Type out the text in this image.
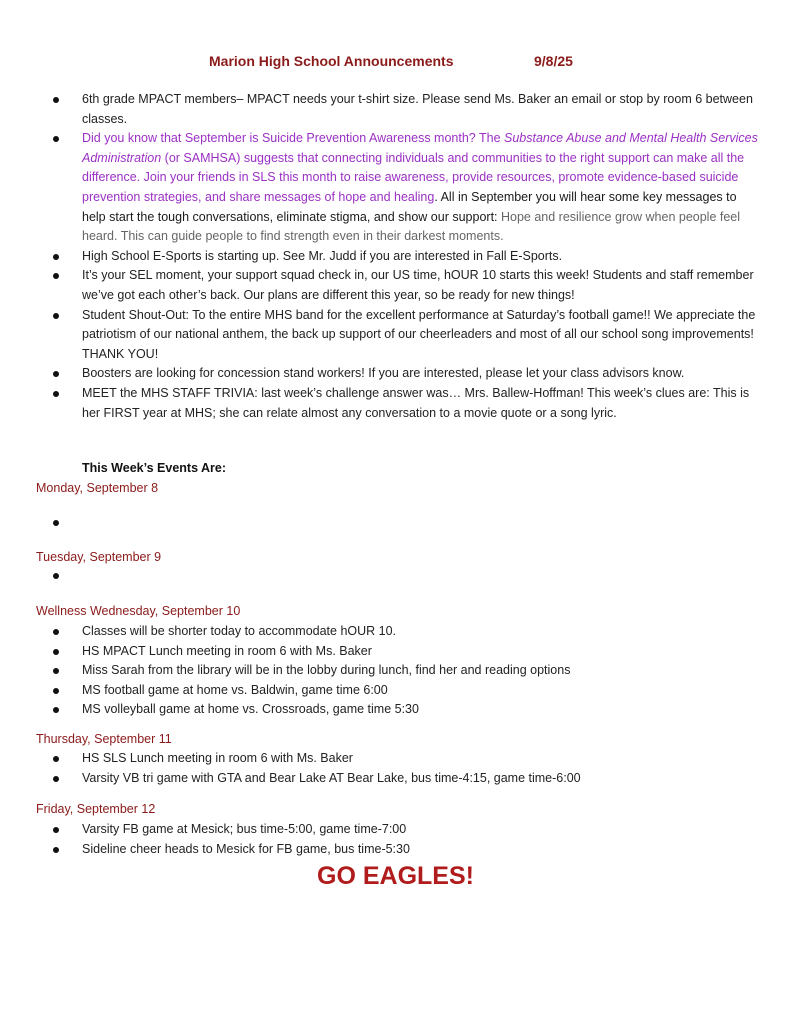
Marion High School Announcements	9/8/25
6th grade MPACT members– MPACT needs your t-shirt size. Please send Ms. Baker an email or stop by room 6 between classes.
Did you know that September is Suicide Prevention Awareness month? The Substance Abuse and Mental Health Services Administration (or SAMHSA) suggests that connecting individuals and communities to the right support can make all the difference. Join your friends in SLS this month to raise awareness, provide resources, promote evidence-based suicide prevention strategies, and share messages of hope and healing. All in September you will hear some key messages to help start the tough conversations, eliminate stigma, and show our support: Hope and resilience grow when people feel heard. This can guide people to find strength even in their darkest moments.
High School E-Sports is starting up. See Mr. Judd if you are interested in Fall E-Sports.
It’s your SEL moment, your support squad check in, our US time, hOUR 10 starts this week! Students and staff remember we’ve got each other’s back. Our plans are different this year, so be ready for new things!
Student Shout-Out: To the entire MHS band for the excellent performance at Saturday’s football game!! We appreciate the patriotism of our national anthem, the back up support of our cheerleaders and most of all our school song improvements! THANK YOU!
Boosters are looking for concession stand workers! If you are interested, please let your class advisors know.
MEET the MHS STAFF TRIVIA: last week’s challenge answer was… Mrs. Ballew-Hoffman! This week’s clues are: This is her FIRST year at MHS; she can relate almost any conversation to a movie quote or a song lyric.
This Week’s Events Are:
Monday, September 8

Tuesday, September 9

Wellness Wednesday, September 10
Classes will be shorter today to accommodate hOUR 10.
HS MPACT Lunch meeting in room 6 with Ms. Baker
Miss Sarah from the library will be in the lobby during lunch, find her and reading options
MS football game at home vs. Baldwin, game time 6:00
MS volleyball game at home vs. Crossroads, game time 5:30
Thursday, September 11
HS SLS Lunch meeting in room 6 with Ms. Baker
Varsity VB tri game with GTA and Bear Lake AT Bear Lake, bus time-4:15, game time-6:00
Friday, September 12
Varsity FB game at Mesick; bus time-5:00, game time-7:00
Sideline cheer heads to Mesick for FB game, bus time-5:30
GO EAGLES!
